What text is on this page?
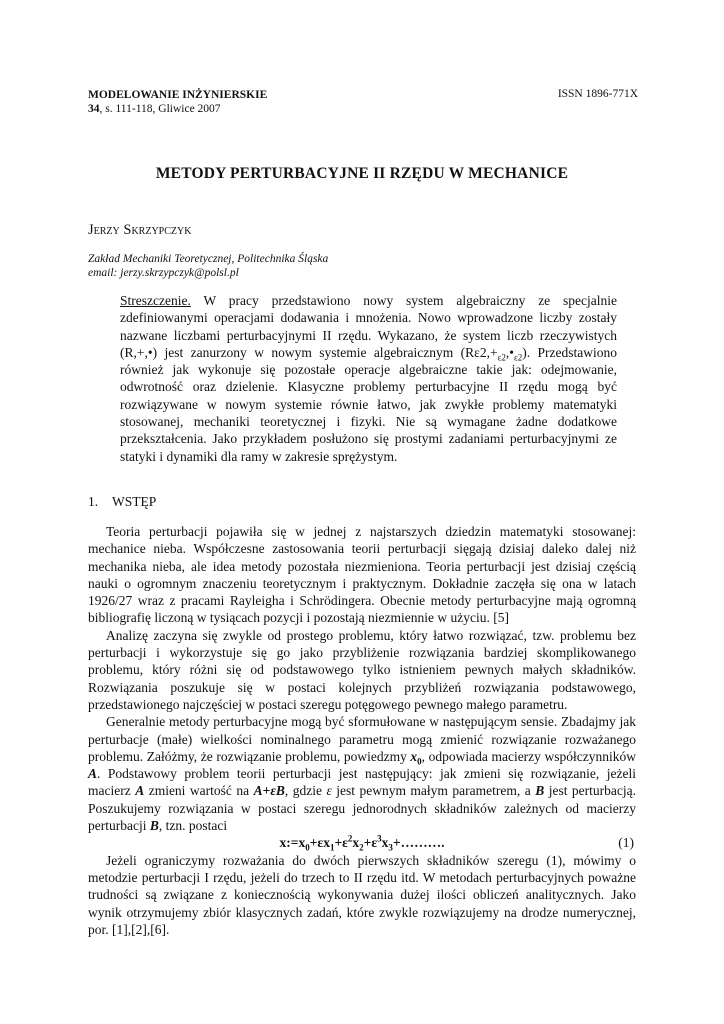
MODELOWANIE INŻYNIERSKIE
34, s. 111-118, Gliwice 2007
ISSN 1896-771X
METODY PERTURBACYJNE II RZĘDU W MECHANICE
Jerzy Skrzypczyk
Zakład Mechaniki Teoretycznej, Politechnika Śląska
email: jerzy.skrzypczyk@polsl.pl
Streszczenie. W pracy przedstawiono nowy system algebraiczny ze specjalnie zdefiniowanymi operacjami dodawania i mnożenia. Nowo wprowadzone liczby zostały nazwane liczbami perturbacyjnymi II rzędu. Wykazano, że system liczb rzeczywistych (R,+,•) jest zanurzony w nowym systemie algebraicznym $(R\varepsilon 2,+_{\varepsilon 2},•_{\varepsilon 2})$. Przedstawiono również jak wykonuje się pozostałe operacje algebraiczne takie jak: odejmowanie, odwrotność oraz dzielenie. Klasyczne problemy perturbacyjne II rzędu mogą być rozwiązywane w nowym systemie równie łatwo, jak zwykłe problemy matematyki stosowanej, mechaniki teoretycznej i fizyki. Nie są wymagane żadne dodatkowe przekształcenia. Jako przykładem posłużono się prostymi zadaniami perturbacyjnymi ze statyki i dynamiki dla ramy w zakresie sprężystym.
1. WSTĘP

Teoria perturbacji pojawiła się w jednej z najstarszych dziedzin matematyki stosowanej: mechanice nieba. Współczesne zastosowania teorii perturbacji sięgają dzisiaj daleko dalej niż mechanika nieba, ale idea metody pozostała niezmieniona. Teoria perturbacji jest dzisiaj częścią nauki o ogromnym znaczeniu teoretycznym i praktycznym. Dokładnie zaczęła się ona w latach 1926/27 wraz z pracami Rayleigha i Schrödingera. Obecnie metody perturbacyjne mają ogromną bibliografię liczoną w tysiącach pozycji i pozostają niezmiennie w użyciu. [5]

Analizę zaczyna się zwykle od prostego problemu, który łatwo rozwiązać, tzw. problemu bez perturbacji i wykorzystuje się go jako przybliżenie rozwiązania bardziej skomplikowanego problemu, który różni się od podstawowego tylko istnieniem pewnych małych składników. Rozwiązania poszukuje się w postaci kolejnych przybliżeń rozwiązania podstawowego, przedstawionego najczęściej w postaci szeregu potęgowego pewnego małego parametru.

Generalnie metody perturbacyjne mogą być sformułowane w następującym sensie. Zbadajmy jak perturbacje (małe) wielkości nominalnego parametru mogą zmienić rozwiązanie rozważanego problemu. Załóżmy, że rozwiązanie problemu, powiedzmy $x_0$, odpowiada macierzy współczynników A. Podstawowy problem teorii perturbacji jest następujący: jak zmieni się rozwiązanie, jeżeli macierz A zmieni wartość na A+εB, gdzie ε jest pewnym małym parametrem, a B jest perturbacją. Poszukujemy rozwiązania w postaci szeregu jednorodnych składników zależnych od macierzy perturbacji B, tzn. postaci

$x:=x_0+\varepsilon x_1+\varepsilon^2x_2+\varepsilon^3x_3+\dots\dots\dots$.	(1)

Jeżeli ograniczymy rozważania do dwóch pierwszych składników szeregu (1), mówimy o metodzie perturbacji I rzędu, jeżeli do trzech to II rzędu itd. W metodach perturbacyjnych poważne trudności są związane z koniecznością wykonywania dużej ilości obliczeń analitycznych. Jako wynik otrzymujemy zbiór klasycznych zadań, które zwykle rozwiązujemy na drodze numerycznej, por. [1],[2],[6].
